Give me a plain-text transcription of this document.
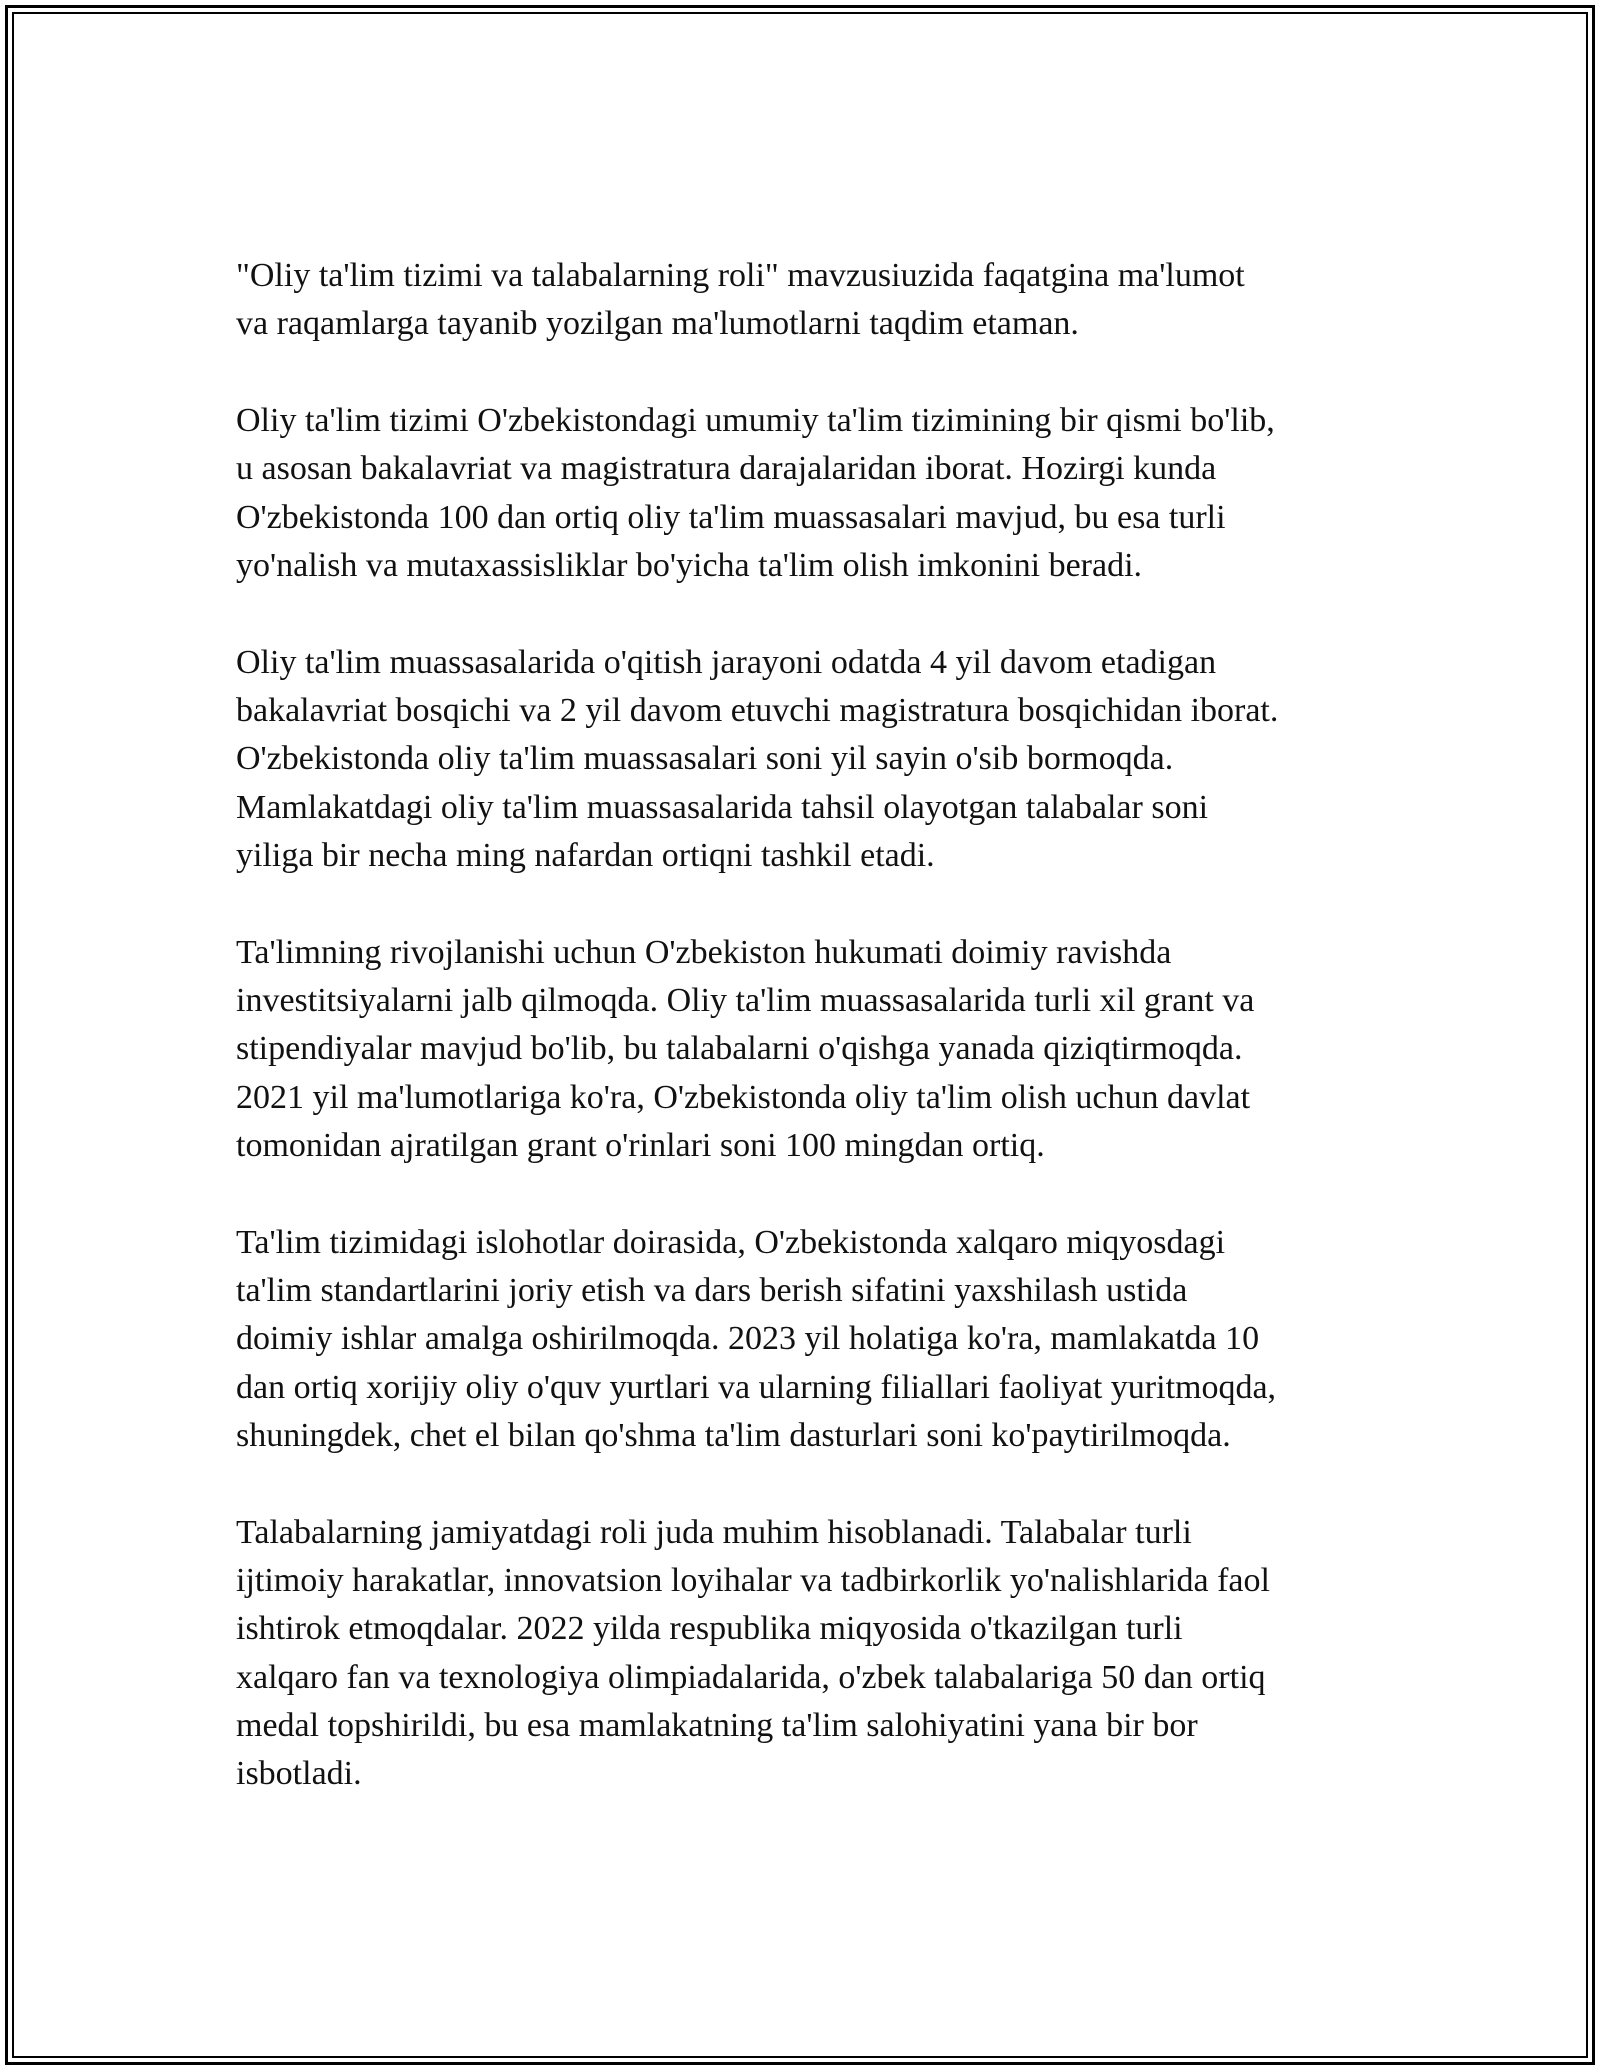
"Oliy ta'lim tizimi va talabalarning roli" mavzusiuzida faqatgina ma'lumot
va raqamlarga tayanib yozilgan ma'lumotlarni taqdim etaman.

Oliy ta'lim tizimi O'zbekistondagi umumiy ta'lim tizimining bir qismi bo'lib,
u asosan bakalavriat va magistratura darajalaridan iborat. Hozirgi kunda
O'zbekistonda 100 dan ortiq oliy ta'lim muassasalari mavjud, bu esa turli
yo'nalish va mutaxassisliklar bo'yicha ta'lim olish imkonini beradi.

Oliy ta'lim muassasalarida o'qitish jarayoni odatda 4 yil davom etadigan
bakalavriat bosqichi va 2 yil davom etuvchi magistratura bosqichidan iborat.
O'zbekistonda oliy ta'lim muassasalari soni yil sayin o'sib bormoqda.
Mamlakatdagi oliy ta'lim muassasalarida tahsil olayotgan talabalar soni
yiliga bir necha ming nafardan ortiqni tashkil etadi.

Ta'limning rivojlanishi uchun O'zbekiston hukumati doimiy ravishda
investitsiyalarni jalb qilmoqda. Oliy ta'lim muassasalarida turli xil grant va
stipendiyalar mavjud bo'lib, bu talabalarni o'qishga yanada qiziqtirmoqda.
2021 yil ma'lumotlariga ko'ra, O'zbekistonda oliy ta'lim olish uchun davlat
tomonidan ajratilgan grant o'rinlari soni 100 mingdan ortiq.

Ta'lim tizimidagi islohotlar doirasida, O'zbekistonda xalqaro miqyosdagi
ta'lim standartlarini joriy etish va dars berish sifatini yaxshilash ustida
doimiy ishlar amalga oshirilmoqda. 2023 yil holatiga ko'ra, mamlakatda 10
dan ortiq xorijiy oliy o'quv yurtlari va ularning filiallari faoliyat yuritmoqda,
shuningdek, chet el bilan qo'shma ta'lim dasturlari soni ko'paytirilmoqda.

Talabalarning jamiyatdagi roli juda muhim hisoblanadi. Talabalar turli
ijtimoiy harakatlar, innovatsion loyihalar va tadbirkorlik yo'nalishlarida faol
ishtirok etmoqdalar. 2022 yilda respublika miqyosida o'tkazilgan turli
xalqaro fan va texnologiya olimpiadalarida, o'zbek talabalariga 50 dan ortiq
medal topshirildi, bu esa mamlakatning ta'lim salohiyatini yana bir bor
isbotladi.
